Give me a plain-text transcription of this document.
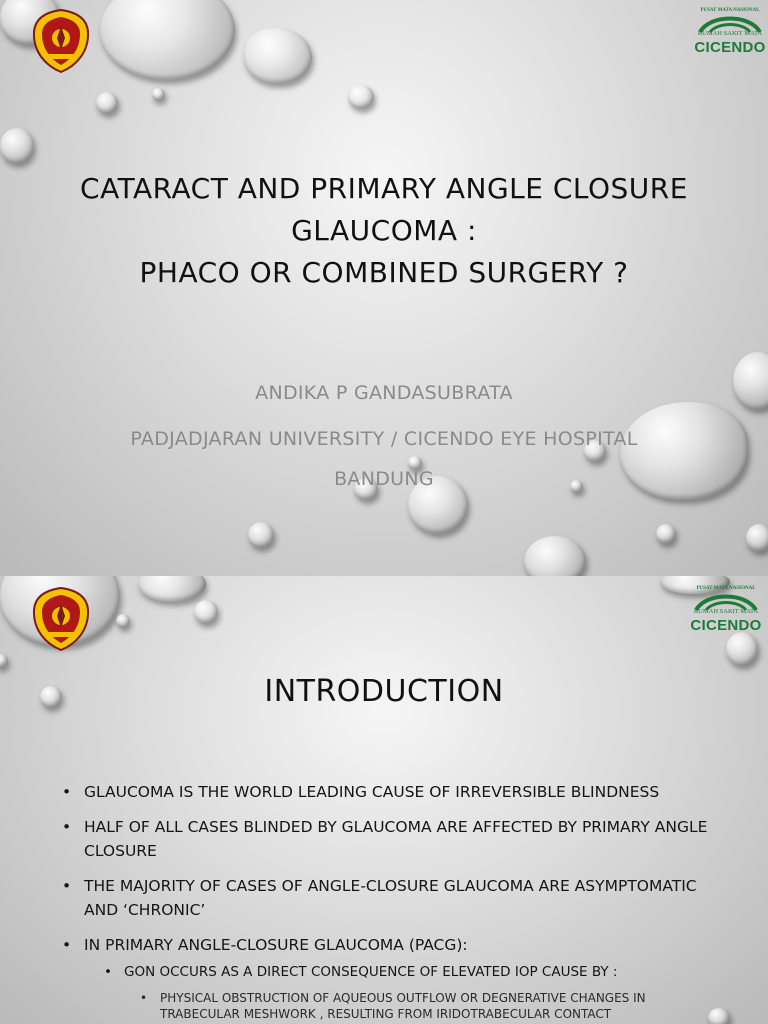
PUSAT MATA NASIONAL
RUMAH SAKIT MATA
CICENDO
CATARACT AND PRIMARY ANGLE CLOSURE
GLAUCOMA :
PHACO OR COMBINED SURGERY ?
ANDIKA P GANDASUBRATA
PADJADJARAN UNIVERSITY / CICENDO EYE HOSPITAL
BANDUNG
PUSAT MATA NASIONAL
RUMAH SAKIT MATA
CICENDO
INTRODUCTION
• GLAUCOMA IS THE WORLD LEADING CAUSE OF IRREVERSIBLE BLINDNESS
• HALF OF ALL CASES BLINDED BY GLAUCOMA ARE AFFECTED BY PRIMARY ANGLE CLOSURE
• THE MAJORITY OF CASES OF ANGLE-CLOSURE GLAUCOMA ARE ASYMPTOMATIC AND ‘CHRONIC’
• IN PRIMARY ANGLE-CLOSURE GLAUCOMA (PACG):
• GON OCCURS AS A DIRECT CONSEQUENCE OF ELEVATED IOP CAUSE BY :
• PHYSICAL OBSTRUCTION OF AQUEOUS OUTFLOW OR DEGNERATIVE CHANGES IN TRABECULAR MESHWORK , RESULTING FROM IRIDOTRABECULAR CONTACT
